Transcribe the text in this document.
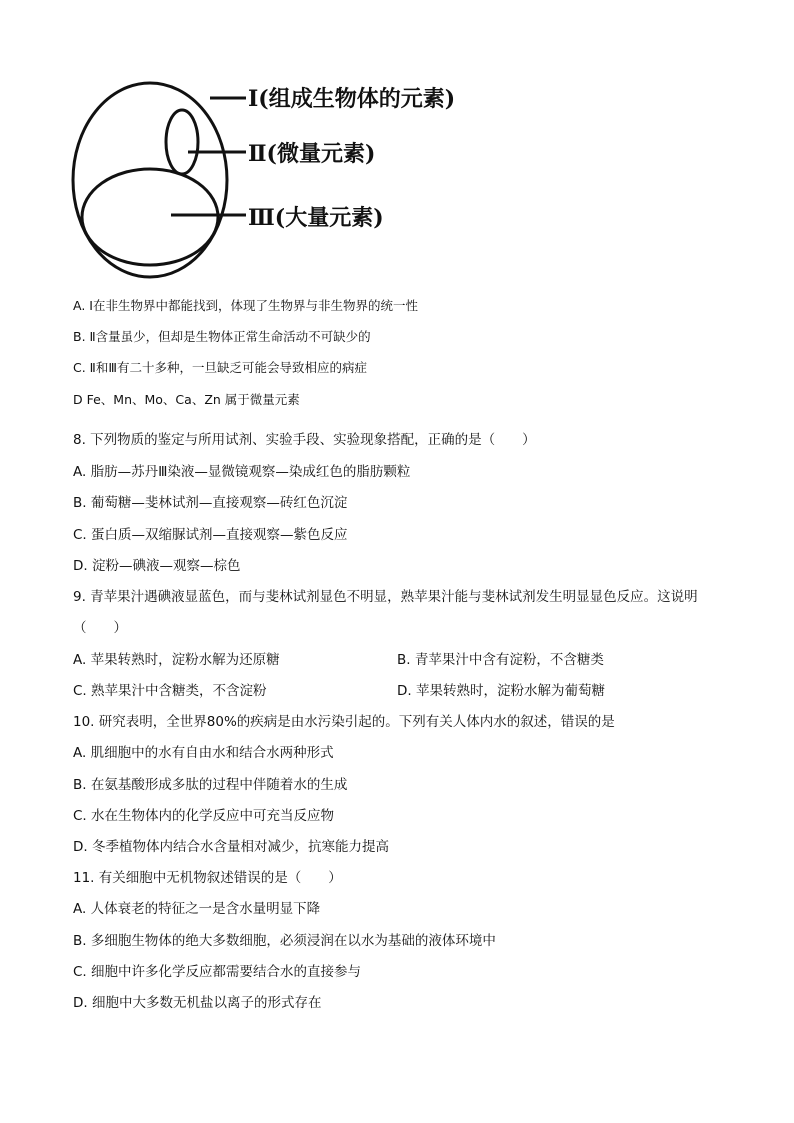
Ⅰ(组成生物体的元素)
Ⅱ(微量元素)
Ⅲ(大量元素)
A. Ⅰ在非生物界中都能找到，体现了生物界与非生物界的统一性
B. Ⅱ含量虽少，但却是生物体正常生命活动不可缺少的
C. Ⅱ和Ⅲ有二十多种，一旦缺乏可能会导致相应的病症
D Fe、Mn、Mo、Ca、Zn 属于微量元素
8. 下列物质的鉴定与所用试剂、实验手段、实验现象搭配，正确的是（　　）
A. 脂肪—苏丹Ⅲ染液—显微镜观察—染成红色的脂肪颗粒
B. 葡萄糖—斐林试剂—直接观察—砖红色沉淀
C. 蛋白质—双缩脲试剂—直接观察—紫色反应
D. 淀粉—碘液—观察—棕色
9. 青苹果汁遇碘液显蓝色，而与斐林试剂显色不明显，熟苹果汁能与斐林试剂发生明显显色反应。这说明
（　　）
A. 苹果转熟时，淀粉水解为还原糖	B. 青苹果汁中含有淀粉，不含糖类
C. 熟苹果汁中含糖类，不含淀粉	D. 苹果转熟时，淀粉水解为葡萄糖
10. 研究表明，全世界80%的疾病是由水污染引起的。下列有关人体内水的叙述，错误的是
A. 肌细胞中的水有自由水和结合水两种形式
B. 在氨基酸形成多肽的过程中伴随着水的生成
C. 水在生物体内的化学反应中可充当反应物
D. 冬季植物体内结合水含量相对减少，抗寒能力提高
11. 有关细胞中无机物叙述错误的是（　　）
A. 人体衰老的特征之一是含水量明显下降
B. 多细胞生物体的绝大多数细胞，必须浸润在以水为基础的液体环境中
C. 细胞中许多化学反应都需要结合水的直接参与
D. 细胞中大多数无机盐以离子的形式存在
